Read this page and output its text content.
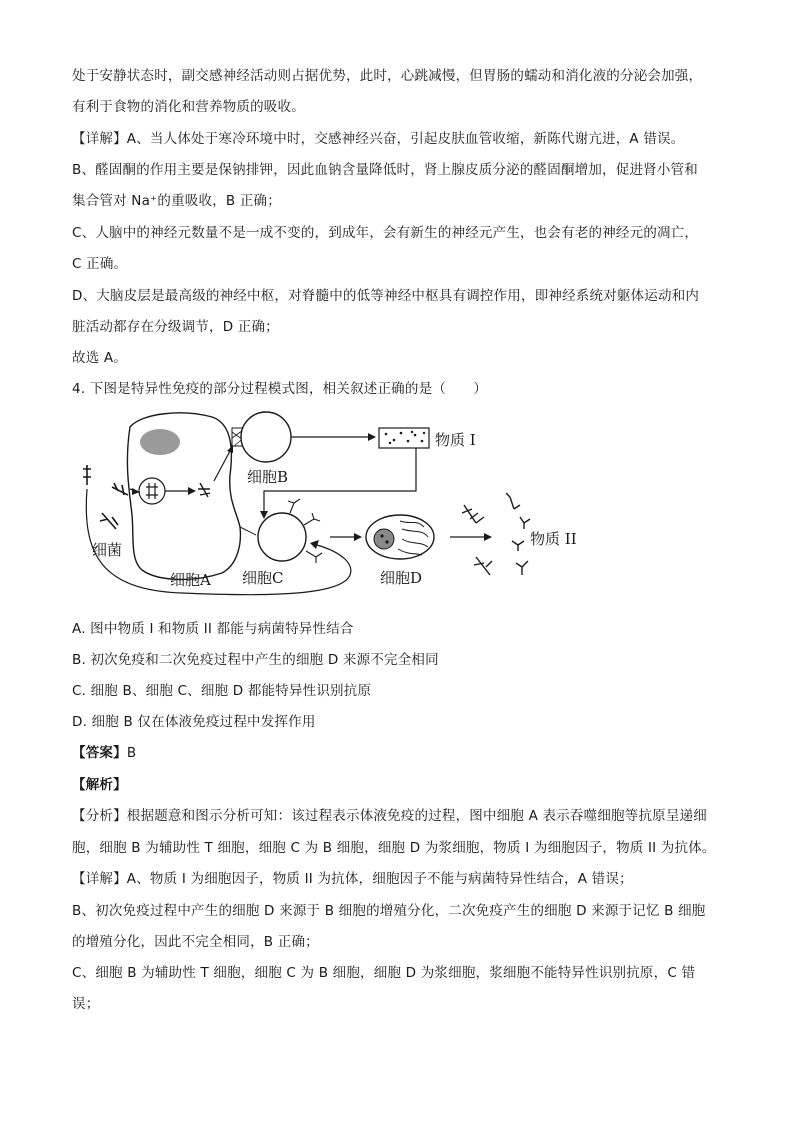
处于安静状态时，副交感神经活动则占据优势，此时，心跳减慢，但胃肠的蠕动和消化液的分泌会加强，
有利于食物的消化和营养物质的吸收。
【详解】A、当人体处于寒冷环境中时，交感神经兴奋，引起皮肤血管收缩，新陈代谢亢进，A 错误。
B、醛固酮的作用主要是保钠排钾，因此血钠含量降低时，肾上腺皮质分泌的醛固酮增加，促进肾小管和
集合管对 Na⁺的重吸收，B 正确；
C、人脑中的神经元数量不是一成不变的，到成年，会有新生的神经元产生，也会有老的神经元的凋亡，
C 正确。
D、大脑皮层是最高级的神经中枢，对脊髓中的低等神经中枢具有调控作用，即神经系统对躯体运动和内
脏活动都存在分级调节，D 正确；
故选 A。
4. 下图是特异性免疫的部分过程模式图，相关叙述正确的是（　　）
细胞B
物质 I
细菌
细胞A 细胞C	细胞D
物质 II
A. 图中物质 I 和物质 II 都能与病菌特异性结合
B. 初次免疫和二次免疫过程中产生的细胞 D 来源不完全相同
C. 细胞 B、细胞 C、细胞 D 都能特异性识别抗原
D. 细胞 B 仅在体液免疫过程中发挥作用
【答案】B
【解析】
【分析】根据题意和图示分析可知：该过程表示体液免疫的过程，图中细胞 A 表示吞噬细胞等抗原呈递细
胞，细胞 B 为辅助性 T 细胞，细胞 C 为 B 细胞，细胞 D 为浆细胞，物质 I 为细胞因子，物质 II 为抗体。
【详解】A、物质 I 为细胞因子，物质 II 为抗体，细胞因子不能与病菌特异性结合，A 错误；
B、初次免疫过程中产生的细胞 D 来源于 B 细胞的增殖分化，二次免疫产生的细胞 D 来源于记忆 B 细胞
的增殖分化，因此不完全相同，B 正确；
C、细胞 B 为辅助性 T 细胞，细胞 C 为 B 细胞，细胞 D 为浆细胞，浆细胞不能特异性识别抗原，C 错
误；
